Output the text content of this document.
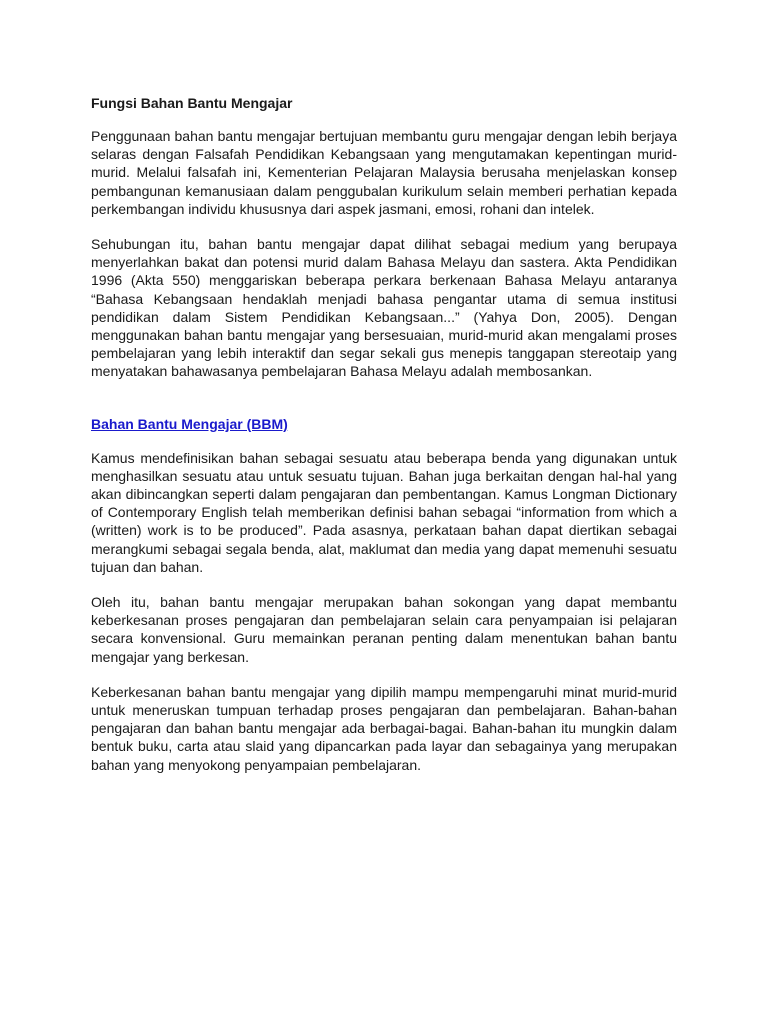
Fungsi Bahan Bantu Mengajar

Penggunaan bahan bantu mengajar bertujuan membantu guru mengajar dengan lebih berjaya selaras dengan Falsafah Pendidikan Kebangsaan yang mengutamakan kepentingan murid-murid. Melalui falsafah ini, Kementerian Pelajaran Malaysia berusaha menjelaskan konsep pembangunan kemanusiaan dalam penggubalan kurikulum selain memberi perhatian kepada perkembangan individu khususnya dari aspek jasmani, emosi, rohani dan intelek.

Sehubungan itu, bahan bantu mengajar dapat dilihat sebagai medium yang berupaya menyerlahkan bakat dan potensi murid dalam Bahasa Melayu dan sastera. Akta Pendidikan 1996 (Akta 550) menggariskan beberapa perkara berkenaan Bahasa Melayu antaranya “Bahasa Kebangsaan hendaklah menjadi bahasa pengantar utama di semua institusi pendidikan dalam Sistem Pendidikan Kebangsaan...” (Yahya Don, 2005). Dengan menggunakan bahan bantu mengajar yang bersesuaian, murid-murid akan mengalami proses pembelajaran yang lebih interaktif dan segar sekali gus menepis tanggapan stereotaip yang menyatakan bahawasanya pembelajaran Bahasa Melayu adalah membosankan.

Bahan Bantu Mengajar (BBM)

Kamus mendefinisikan bahan sebagai sesuatu atau beberapa benda yang digunakan untuk menghasilkan sesuatu atau untuk sesuatu tujuan. Bahan juga berkaitan dengan hal-hal yang akan dibincangkan seperti dalam pengajaran dan pembentangan. Kamus Longman Dictionary of Contemporary English telah memberikan definisi bahan sebagai “information from which a (written) work is to be produced”. Pada asasnya, perkataan bahan dapat diertikan sebagai merangkumi sebagai segala benda, alat, maklumat dan media yang dapat memenuhi sesuatu tujuan dan bahan.

Oleh itu, bahan bantu mengajar merupakan bahan sokongan yang dapat membantu keberkesanan proses pengajaran dan pembelajaran selain cara penyampaian isi pelajaran secara konvensional. Guru memainkan peranan penting dalam menentukan bahan bantu mengajar yang berkesan.

Keberkesanan bahan bantu mengajar yang dipilih mampu mempengaruhi minat murid-murid untuk meneruskan tumpuan terhadap proses pengajaran dan pembelajaran. Bahan-bahan pengajaran dan bahan bantu mengajar ada berbagai-bagai. Bahan-bahan itu mungkin dalam bentuk buku, carta atau slaid yang dipancarkan pada layar dan sebagainya yang merupakan bahan yang menyokong penyampaian pembelajaran.
